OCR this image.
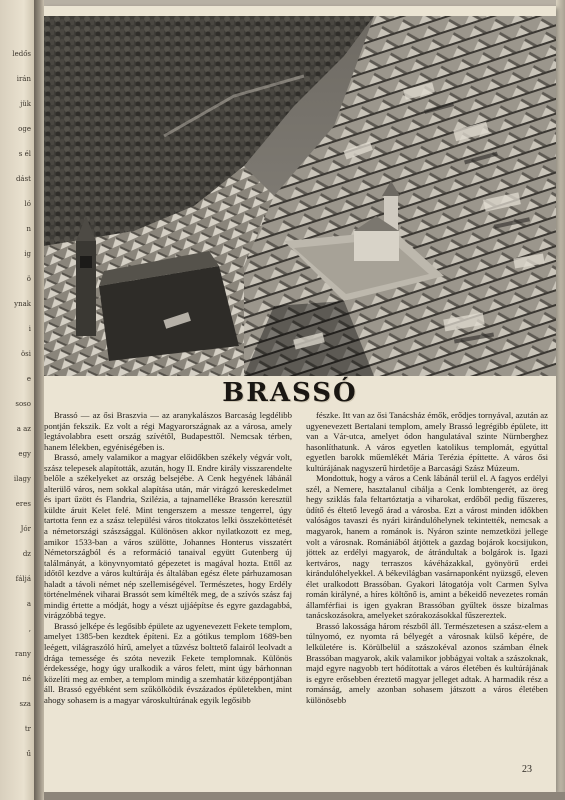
ledős
irán
jük
oge
s él
dást
ló
n
ig
ö
ynak
i
ösi
e
soso
a az
egy
ilagy
eres
Jór
dz
fáljá
a
,
rany
né
sza
tr
ű
BRASSÓ

Brassó — az ősi Braszvia — az aranykalászos Barcaság legdélibb pontján fekszik. Ez volt a régi Magyarországnak az a városa, amely legtávolabbra esett ország szívétől, Budapesttől. Nemcsak térben, hanem lélekben, egyéniségében is.

Brassó, amely valamikor a magyar előidőkben székely végvár volt, szász telepesek alapították, azután, hogy II. Endre király visszarendelte belőle a székelyeket az ország belsejébe. A Cenk hegyének lábánál alterülő város, nem sokkal alapítása után, már virágzó kereskedelmet és ipart űzött és Flandria, Szilézia, a tajnamelléke Brassón keresztül küldte áruit Kelet felé. Mint tengerszem a messze tengerrel, úgy tartotta fenn ez a szász települési város titokzatos lelki összeköttetését a németországi szászsággal. Különösen akkor nyilatkozott ez meg, amikor 1533-ban a város szülötte, Johannes Honterus visszatért Németországból és a reformáció tanaival együtt Gutenberg új találmányát, a könyvnyomtató gépezetet is magával hozta. Ettől az időtől kezdve a város kultúrája és általában egész élete párhuzamosan haladt a távoli német nép szellemiségével. Természetes, hogy Erdély történelmének viharai Brassót sem kímélték meg, de a szívós szász faj mindig értette a módját, hogy a vészt ujjáépítse és egyre gazdagabbá, virágzóbbá tegye.

Brassó jelképe és legősibb épülete az ugyenevezett Fekete templom, amelyet 1385-ben kezdtek építeni. Ez a gótikus templom 1689-ben leégett, világraszóló hírű, amelyet a tűzvész bolttető falairól leolvadt a drága temessége és szóta nevezik Fekete templomnak. Különös érdekessége, hogy úgy uralkodik a város felett, mint úgy bárhonnan közelíti meg az ember, a templom mindig a szemhatár középpontjában áll. Brassó egyébként sem szűkölködik évszázados épületekben, mint ahogy sohasem is a magyar városkultúrának egyik legősibb

fészke. Itt van az ősi Tanácsház émők, erődjes tornyával, azután az ugyenevezett Bertalani templom, amely Brassó legrégibb épülete, itt van a Vár-utca, amelyet ódon hangulatával szinte Nürnberghez hasonlíthatunk. A város egyetlen katolikus templomát, egyúttal egyetlen barokk műemlékét Mária Terézia építtette. A város ősi kultúrájának nagyszerű hirdetője a Barcasági Szász Múzeum.

Mondottuk, hogy a város a Cenk lábánál terül el. A fagyos erdélyi szél, a Nemere, hasztalanul cibálja a Cenk lombtengerét, az öreg hegy sziklás fala feltartóztatja a viharokat, erdőből pedig fűszeres, üdítő és éltető levegő árad a városba. Ezt a várost minden időkben valóságos tavaszi és nyári kirándulóhelynek tekintették, nemcsak a magyarok, hanem a románok is. Nyáron szinte nemzetközi jellege volt a városnak. Romániából átjöttek a gazdag bojárok kocsijukon, jöttek az erdélyi magyarok, de átrándultak a bolgárok is. Igazi kertváros, nagy terraszos kávéházakkal, gyönyörű erdei kirándulóhelyekkel. A békevilágban vasárnaponként nyüzsgő, eleven élet uralkodott Brassóban. Gyakori látogatója volt Carmen Sylva román királyné, a híres költőnő is, amint a békeidő nevezetes román államférfiai is igen gyakran Brassóban gyűltek össze bizalmas tanácskozásokra, amelyeket szórakozásokkal fűszereztek.

Brassó lakossága három részből áll. Természetesen a szász-elem a túlnyomó, ez nyomta rá bélyegét a városnak külső képére, de lelkületére is. Körülbelül a szászokéval azonos számban élnek Brassóban magyarok, akik valamikor jobbágyai voltak a szászoknak, majd egyre nagyobb tert hódítottak a város életében és kultúrájának is egyre erősebben éreztető magyar jelleget adtak. A harmadik rész a románság, amely azonban sohasem játszott a város életében különösebb

23
